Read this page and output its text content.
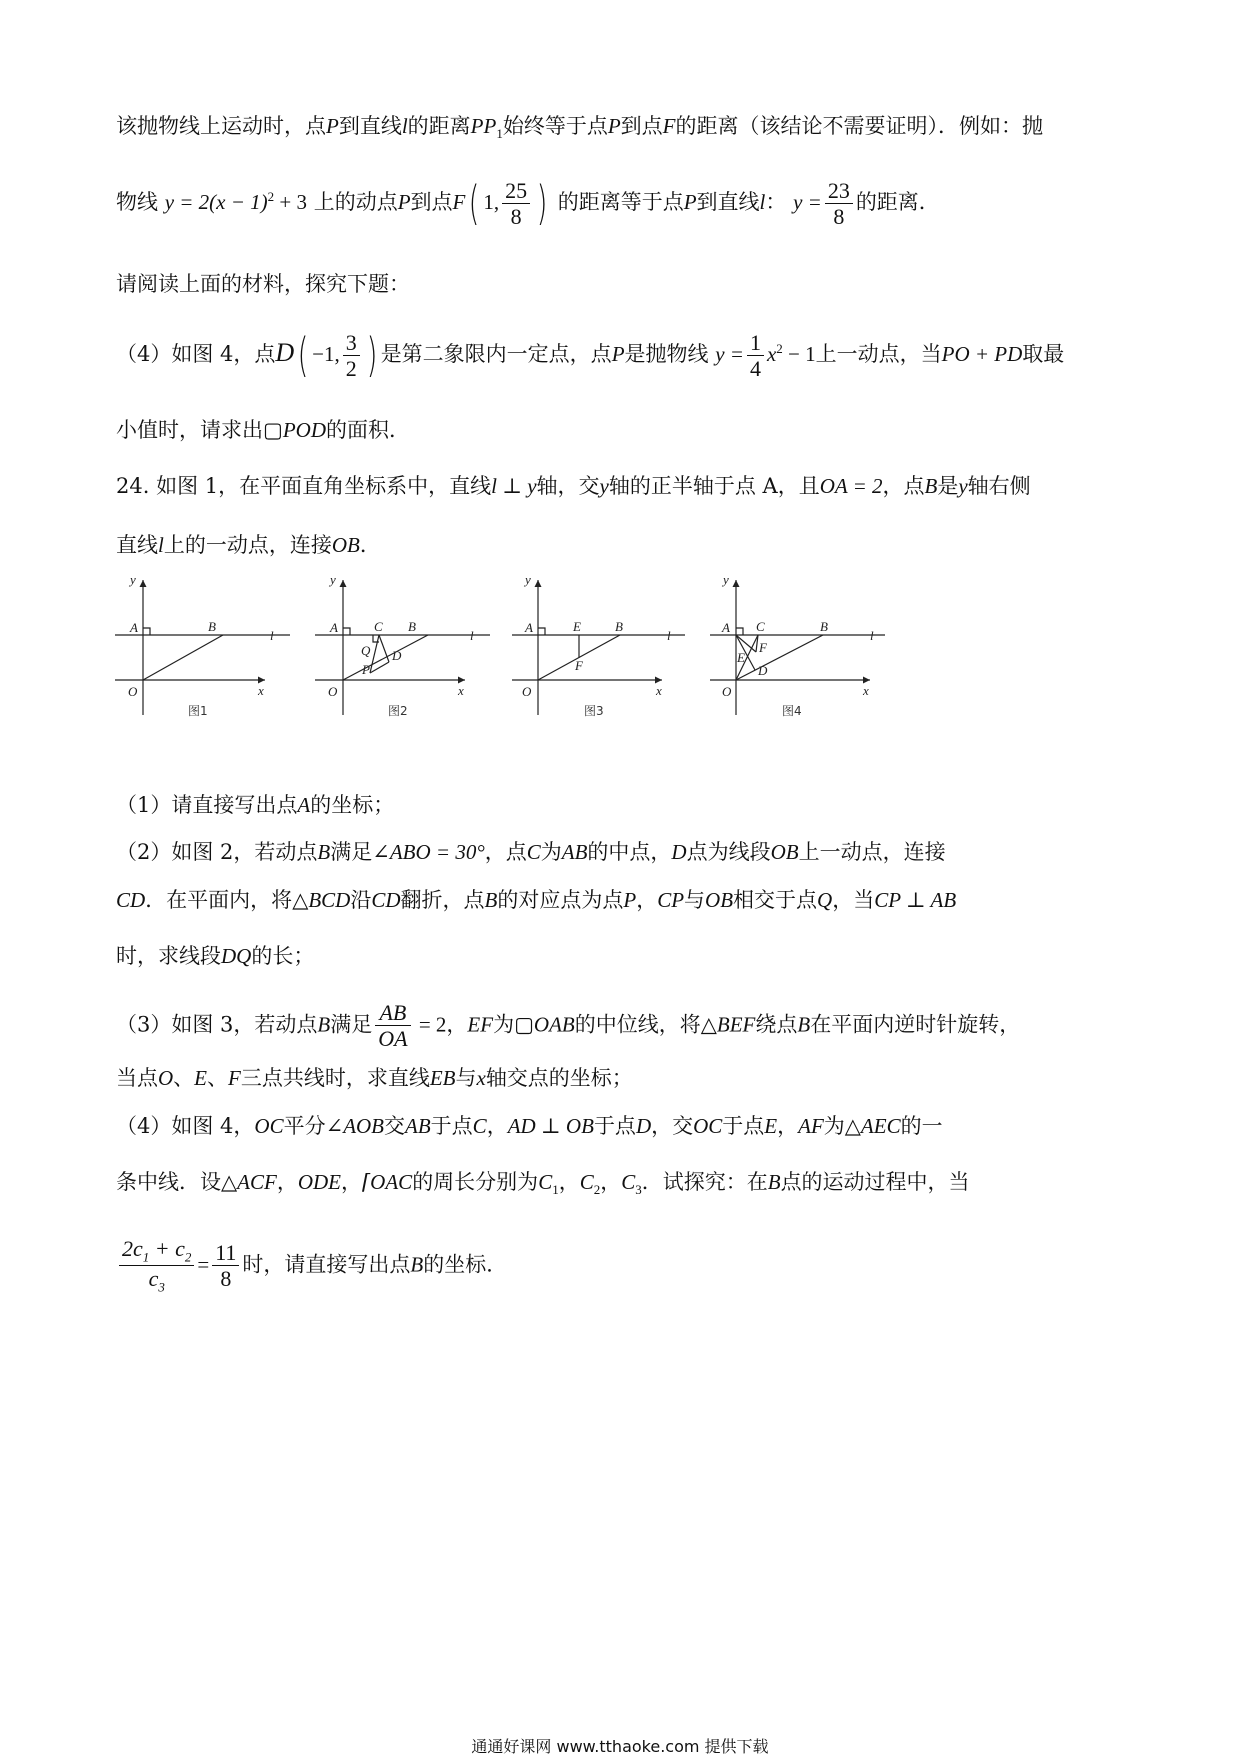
该抛物线上运动时，点P到直线l的距离$PP_1$始终等于点P到点F的距离（该结论不需要证明）．例如：抛
物线 $y = 2(x - 1)^2 + 3$ 上的动点P到点F( 1, $\frac{25}{8}$ ) 的距离等于点P到直线l： $y = \frac{23}{8}$ 的距离．
请阅读上面的材料，探究下题：
（4）如图 4，点D( −1, $\frac{3}{2}$ ) 是第二象限内一定点，点P是抛物线 $y = \frac{1}{4} x^2 - 1$上一动点，当PO + PD取最
小值时，请求出▢POD的面积．
24. 如图 1，在平面直角坐标系中，直线l ⊥ y轴，交y轴的正半轴于点 A，且OA = 2，点B是y轴右侧
直线l上的一动点，连接OB．
y
A	B
l
O	x
y
A	C B
l
Q D
P
O	x
y
A	E	B
l
F
O	x
y
A C	B
l
F
E
D
O	x
图1	图2	图3	图4
（1）请直接写出点A的坐标；
（2）如图 2，若动点B满足∠ABO = 30°，点C为AB的中点，D点为线段OB上一动点，连接
CD．在平面内，将△BCD沿CD翻折，点B的对应点为点P，CP与OB相交于点Q，当CP ⊥ AB
时，求线段DQ的长；
（3）如图 3，若动点B满足 $\frac{AB}{OA} = 2$，EF为▢OAB的中位线，将△BEF绕点B在平面内逆时针旋转，
当点O、E、F三点共线时，求直线EB与x轴交点的坐标；
（4）如图 4，OC平分∠AOB交AB于点C，AD ⊥ OB于点D，交OC于点E，AF为△AEC的一
条中线．设△ACF，ODE，⌈OAC的周长分别为$C_1$，$C_2$，$C_3$．试探究：在B点的运动过程中，当
$\frac{2c_1 + c_2}{c_3} = \frac{11}{8}$ 时，请直接写出点B的坐标．
通通好课网 www.tthaoke.com 提供下载
